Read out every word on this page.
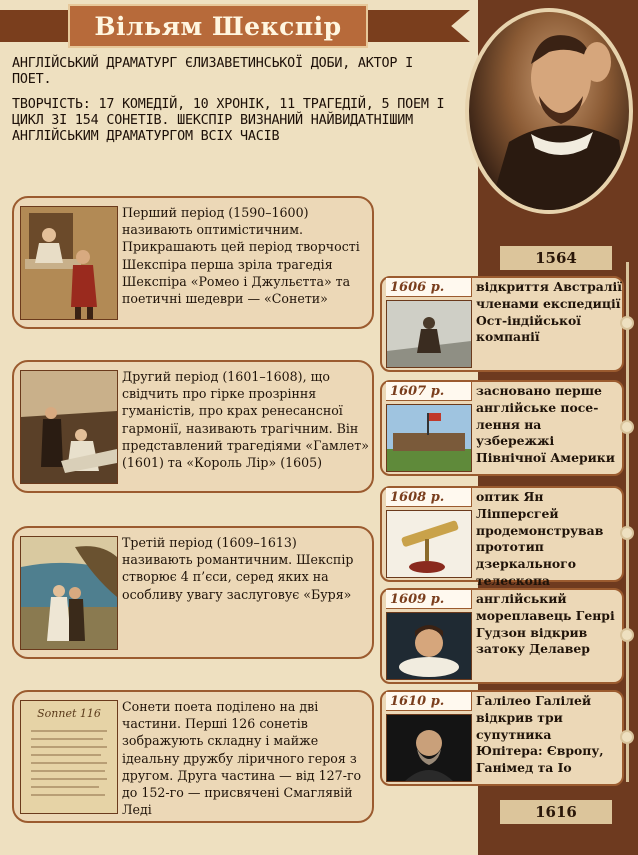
Вільям Шекспір

АНГЛІЙСЬКИЙ ДРАМАТУРГ ЄЛИЗАВЕТИНСЬКОЇ ДОБИ, АКТОР І ПОЕТ.

ТВОРЧІСТЬ: 17 КОМЕДІЙ, 10 ХРОНІК, 11 ТРАГЕДІЙ, 5 ПОЕМ І ЦИКЛ ЗІ 154 СОНЕТІВ. ШЕКСПІР ВИЗНАНИЙ НАЙВИДАТНІШИМ АНГЛІЙСЬКИМ ДРАМАТУРГОМ ВСІХ ЧАСІВ

Перший період (1590–1600) називають оптимістичним. Прикрашають цей період творчості Шекспіра перша зріла трагедія Шекспіра «Ромео і Джульєтта» та поетичні шедеври — «Сонети»
Другий період (1601–1608), що свідчить про гірке прозріння гуманістів, про крах ренесансної гармонії, називають трагічним. Він представлений трагедіями «Гамлет» (1601) та «Король Лір» (1605)
Третій період (1609–1613) називають романтичним. Шекспір створює 4 п’єси, серед яких на особливу увагу заслуговує «Буря»
Sonnet 116	Сонети поета поділено на дві частини. Перші 126 сонетів зображують складну і майже ідеальну дружбу ліричного героя з другом. Друга частина — від 127-го до 152-го — присвячені Смаглявій Леді
1564
1606 р.	відкриття Австралії членами експедиції Ост-індійської компанії
1607 р.	засновано перше англійське поселення на узбережжі Північної Америки
1608 р.	оптик Ян Ліпперсгей продемонстрував прототип дзеркального телескопа
1609 р.	англійський мореплавець Генрі Гудзон відкрив затоку Делавер
1610 р.	Галілео Галілей відкрив три супутника Юпітера: Європу, Ганімед та Іо
1616
